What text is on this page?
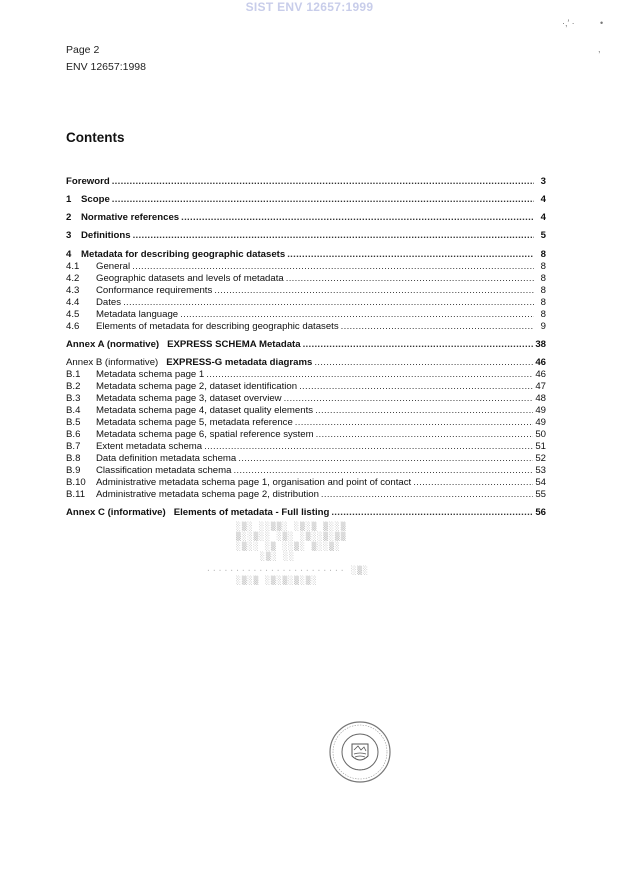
SIST ENV 12657:1999
·,′ ·	•
,
Page 2
ENV 12657:1998
Contents
Foreword .....	3
1	Scope .....	4
2	Normative references .....	4
3	Definitions .....	5
4	Metadata for describing geographic datasets .....	8
4.1	General .....	8
4.2	Geographic datasets and levels of metadata .....	8
4.3	Conformance requirements .....	8
4.4	Dates .....	8
4.5	Metadata language .....	8
4.6	Elements of metadata for describing geographic datasets .....	9
Annex A (normative) EXPRESS SCHEMA Metadata .....	38
Annex B (informative) EXPRESS-G metadata diagrams .....	46
B.1	Metadata schema page 1 .....	46
B.2	Metadata schema page 2, dataset identification .....	47
B.3	Metadata schema page 3, dataset overview .....	48
B.4	Metadata schema page 4, dataset quality elements .....	49
B.5	Metadata schema page 5, metadata reference .....	49
B.6	Metadata schema page 6, spatial reference system .....	50
B.7	Extent metadata schema .....	51
B.8	Data definition metadata schema .....	52
B.9	Classification metadata schema .....	53
B.10	Administrative metadata schema page 1, organisation and point of contact .....	54
B.11	Administrative metadata schema page 2, distribution .....	55
Annex C (informative) Elements of metadata - Full listing .....	56
░▒░ ░░▒▒░ ░▒░▒ ▒░░▒
▒░░▒░░ ░▒░ ░▒░░▒░▒▒
░▒░░ ░▒ ░░▒░ ▒░░▒░
░▒░ ░░
························ ░▒░
░▒░▒ ░▒░▒░▒░▒░
· · ·
